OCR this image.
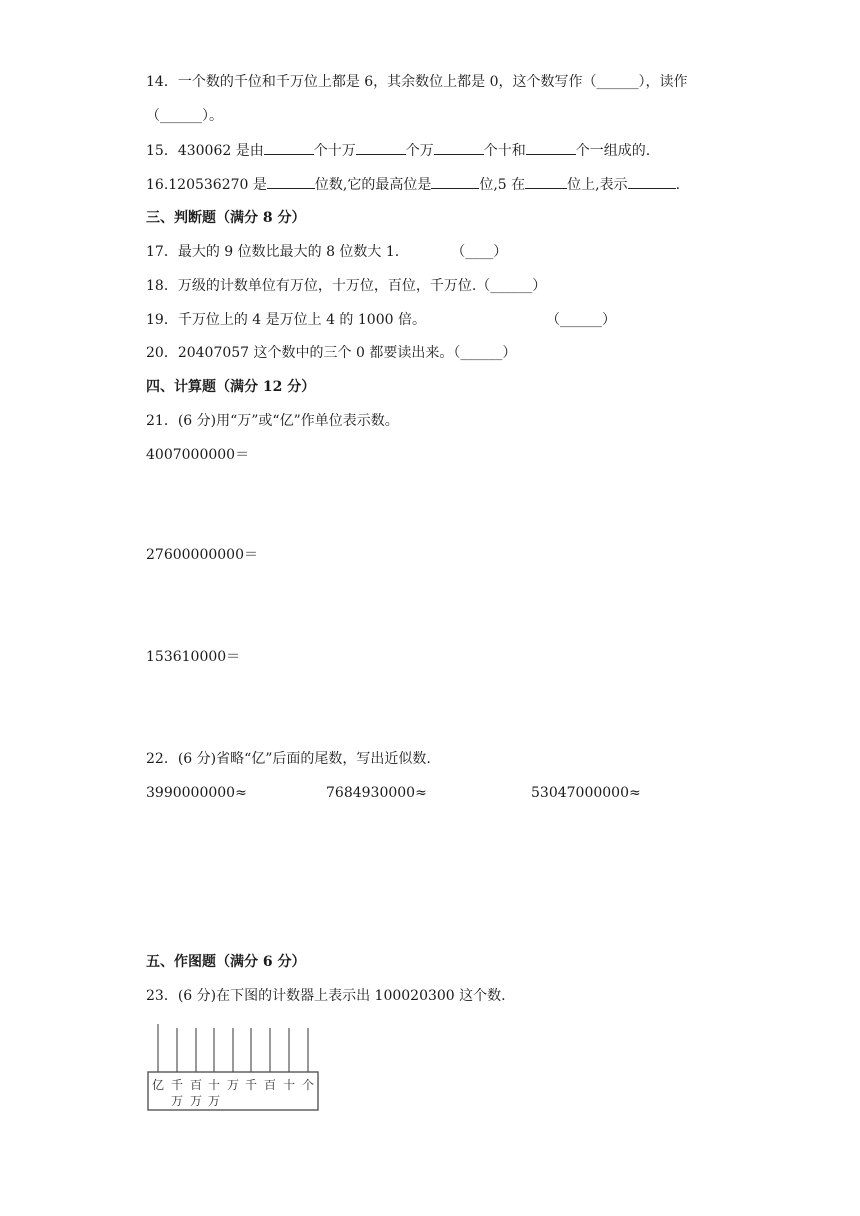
14．一个数的千位和千万位上都是 6，其余数位上都是 0，这个数写作（______），读作
（______）。
15．430062 是由	个十万	个万	个十和	个一组成的.
16.120536270 是	位数,它的最高位是	位,5 在	位上,表示	.
三、判断题（满分 8 分）
17．最大的 9 位数比最大的 8 位数大 1.	（____）
18．万级的计数单位有万位，十万位，百位，千万位.（______）
19．千万位上的 4 是万位上 4 的 1000 倍。	（______）
20．20407057 这个数中的三个 0 都要读出来。（______）
四、计算题（满分 12 分）
21．(6 分)用“万”或“亿”作单位表示数。
4007000000＝
27600000000＝
153610000＝
22．(6 分)省略“亿”后面的尾数，写出近似数.
3990000000≈	7684930000≈	53047000000≈
五、作图题（满分 6 分）
23．(6 分)在下图的计数器上表示出 100020300 这个数.
亿 千 百 十 万 千 百 十 个
万 万 万
